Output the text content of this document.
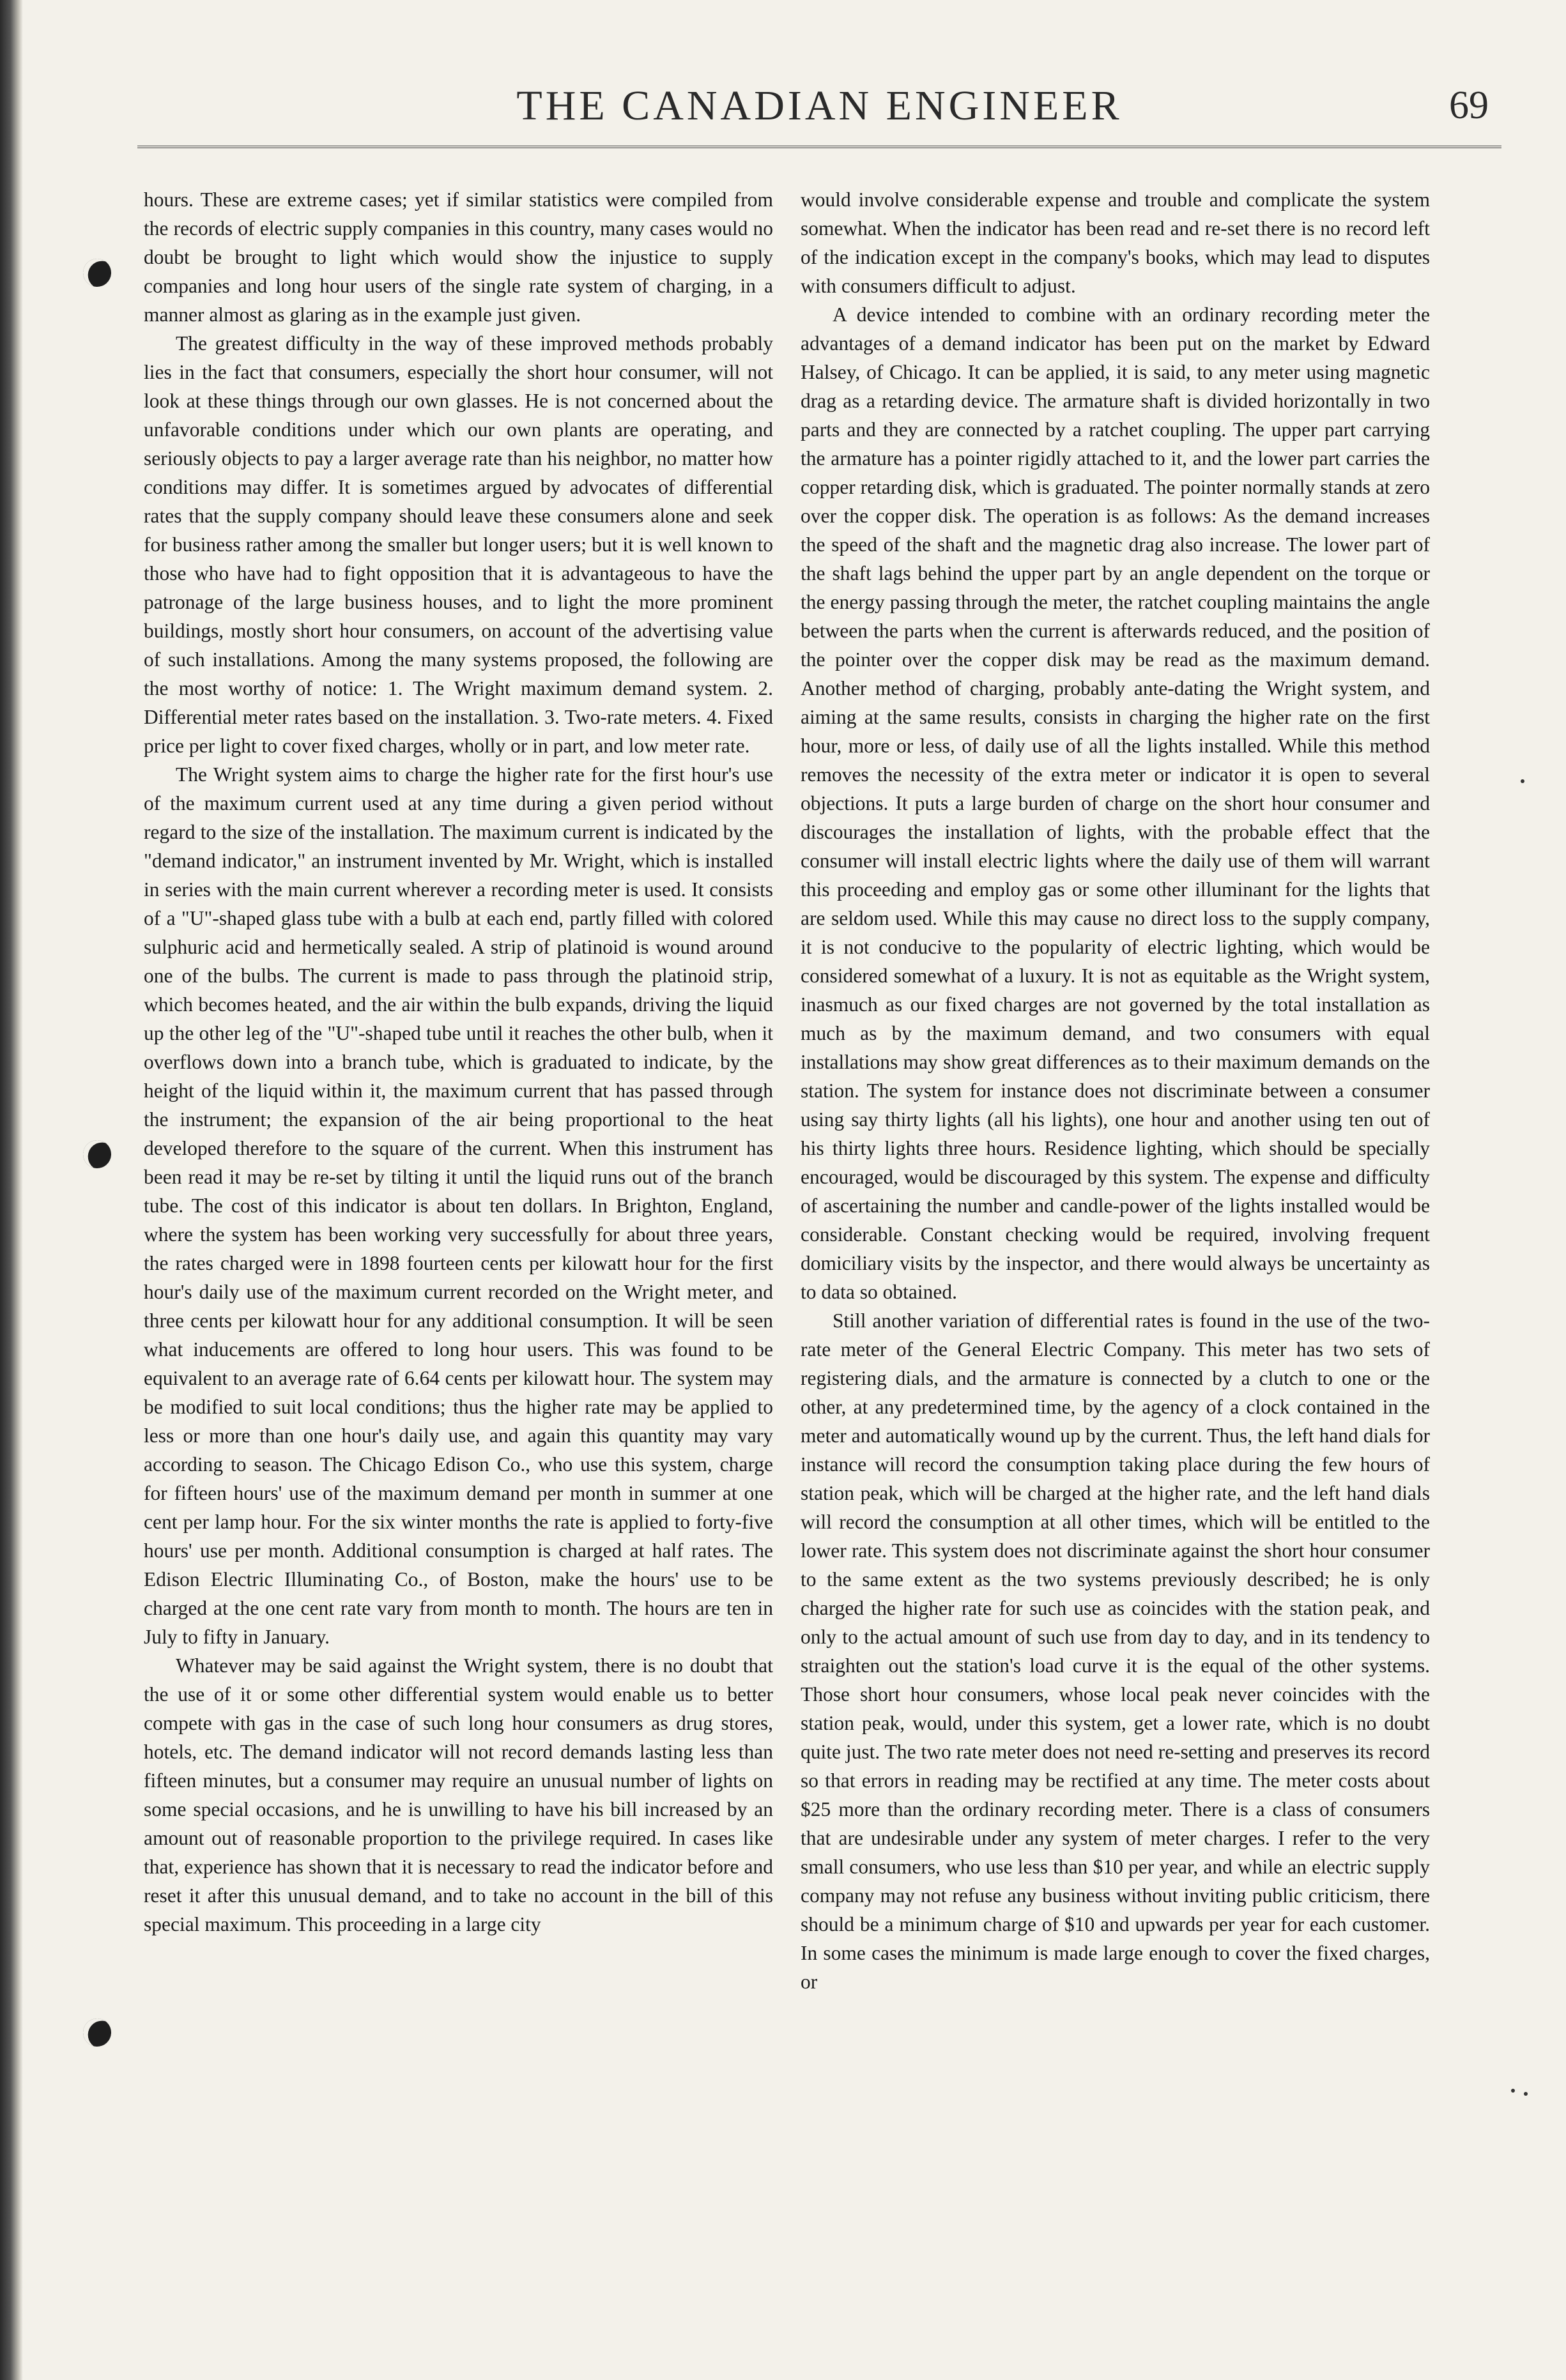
THE CANADIAN ENGINEER	69

hours. These are extreme cases; yet if similar statistics were compiled from the records of electric supply companies in this country, many cases would no doubt be brought to light which would show the injustice to supply companies and long hour users of the single rate system of charging, in a manner almost as glaring as in the example just given.

The greatest difficulty in the way of these improved methods probably lies in the fact that consumers, especially the short hour consumer, will not look at these things through our own glasses. He is not concerned about the unfavorable conditions under which our own plants are operating, and seriously objects to pay a larger average rate than his neighbor, no matter how conditions may differ. It is sometimes argued by advocates of differential rates that the supply company should leave these consumers alone and seek for business rather among the smaller but longer users; but it is well known to those who have had to fight opposition that it is advantageous to have the patronage of the large business houses, and to light the more prominent buildings, mostly short hour consumers, on account of the advertising value of such installations. Among the many systems proposed, the following are the most worthy of notice: 1. The Wright maximum demand system. 2. Differential meter rates based on the installation. 3. Two-rate meters. 4. Fixed price per light to cover fixed charges, wholly or in part, and low meter rate.

The Wright system aims to charge the higher rate for the first hour's use of the maximum current used at any time during a given period without regard to the size of the installation. The maximum current is indicated by the "demand indicator," an instrument invented by Mr. Wright, which is installed in series with the main current wherever a recording meter is used. It consists of a "U"-shaped glass tube with a bulb at each end, partly filled with colored sulphuric acid and hermetically sealed. A strip of platinoid is wound around one of the bulbs. The current is made to pass through the platinoid strip, which becomes heated, and the air within the bulb expands, driving the liquid up the other leg of the "U"-shaped tube until it reaches the other bulb, when it overflows down into a branch tube, which is graduated to indicate, by the height of the liquid within it, the maximum current that has passed through the instrument; the expansion of the air being proportional to the heat developed therefore to the square of the current. When this instrument has been read it may be re-set by tilting it until the liquid runs out of the branch tube. The cost of this indicator is about ten dollars. In Brighton, England, where the system has been working very successfully for about three years, the rates charged were in 1898 fourteen cents per kilowatt hour for the first hour's daily use of the maximum current recorded on the Wright meter, and three cents per kilowatt hour for any additional consumption. It will be seen what inducements are offered to long hour users. This was found to be equivalent to an average rate of 6.64 cents per kilowatt hour. The system may be modified to suit local conditions; thus the higher rate may be applied to less or more than one hour's daily use, and again this quantity may vary according to season. The Chicago Edison Co., who use this system, charge for fifteen hours' use of the maximum demand per month in summer at one cent per lamp hour. For the six winter months the rate is applied to forty-five hours' use per month. Additional consumption is charged at half rates. The Edison Electric Illuminating Co., of Boston, make the hours' use to be charged at the one cent rate vary from month to month. The hours are ten in July to fifty in January.

Whatever may be said against the Wright system, there is no doubt that the use of it or some other differential system would enable us to better compete with gas in the case of such long hour consumers as drug stores, hotels, etc. The demand indicator will not record demands lasting less than fifteen minutes, but a consumer may require an unusual number of lights on some special occasions, and he is unwilling to have his bill increased by an amount out of reasonable proportion to the privilege required. In cases like that, experience has shown that it is necessary to read the indicator before and reset it after this unusual demand, and to take no account in the bill of this special maximum. This proceeding in a large city

would involve considerable expense and trouble and complicate the system somewhat. When the indicator has been read and re-set there is no record left of the indication except in the company's books, which may lead to disputes with consumers difficult to adjust.

A device intended to combine with an ordinary recording meter the advantages of a demand indicator has been put on the market by Edward Halsey, of Chicago. It can be applied, it is said, to any meter using magnetic drag as a retarding device. The armature shaft is divided horizontally in two parts and they are connected by a ratchet coupling. The upper part carrying the armature has a pointer rigidly attached to it, and the lower part carries the copper retarding disk, which is graduated. The pointer normally stands at zero over the copper disk. The operation is as follows: As the demand increases the speed of the shaft and the magnetic drag also increase. The lower part of the shaft lags behind the upper part by an angle dependent on the torque or the energy passing through the meter, the ratchet coupling maintains the angle between the parts when the current is afterwards reduced, and the position of the pointer over the copper disk may be read as the maximum demand. Another method of charging, probably ante-dating the Wright system, and aiming at the same results, consists in charging the higher rate on the first hour, more or less, of daily use of all the lights installed. While this method removes the necessity of the extra meter or indicator it is open to several objections. It puts a large burden of charge on the short hour consumer and discourages the installation of lights, with the probable effect that the consumer will install electric lights where the daily use of them will warrant this proceeding and employ gas or some other illuminant for the lights that are seldom used. While this may cause no direct loss to the supply company, it is not conducive to the popularity of electric lighting, which would be considered somewhat of a luxury. It is not as equitable as the Wright system, inasmuch as our fixed charges are not governed by the total installation as much as by the maximum demand, and two consumers with equal installations may show great differences as to their maximum demands on the station. The system for instance does not discriminate between a consumer using say thirty lights (all his lights), one hour and another using ten out of his thirty lights three hours. Residence lighting, which should be specially encouraged, would be discouraged by this system. The expense and difficulty of ascertaining the number and candle-power of the lights installed would be considerable. Constant checking would be required, involving frequent domiciliary visits by the inspector, and there would always be uncertainty as to data so obtained.

Still another variation of differential rates is found in the use of the two-rate meter of the General Electric Company. This meter has two sets of registering dials, and the armature is connected by a clutch to one or the other, at any predetermined time, by the agency of a clock contained in the meter and automatically wound up by the current. Thus, the left hand dials for instance will record the consumption taking place during the few hours of station peak, which will be charged at the higher rate, and the left hand dials will record the consumption at all other times, which will be entitled to the lower rate. This system does not discriminate against the short hour consumer to the same extent as the two systems previously described; he is only charged the higher rate for such use as coincides with the station peak, and only to the actual amount of such use from day to day, and in its tendency to straighten out the station's load curve it is the equal of the other systems. Those short hour consumers, whose local peak never coincides with the station peak, would, under this system, get a lower rate, which is no doubt quite just. The two rate meter does not need re-setting and preserves its record so that errors in reading may be rectified at any time. The meter costs about $25 more than the ordinary recording meter. There is a class of consumers that are undesirable under any system of meter charges. I refer to the very small consumers, who use less than $10 per year, and while an electric supply company may not refuse any business without inviting public criticism, there should be a minimum charge of $10 and upwards per year for each customer. In some cases the minimum is made large enough to cover the fixed charges, or
